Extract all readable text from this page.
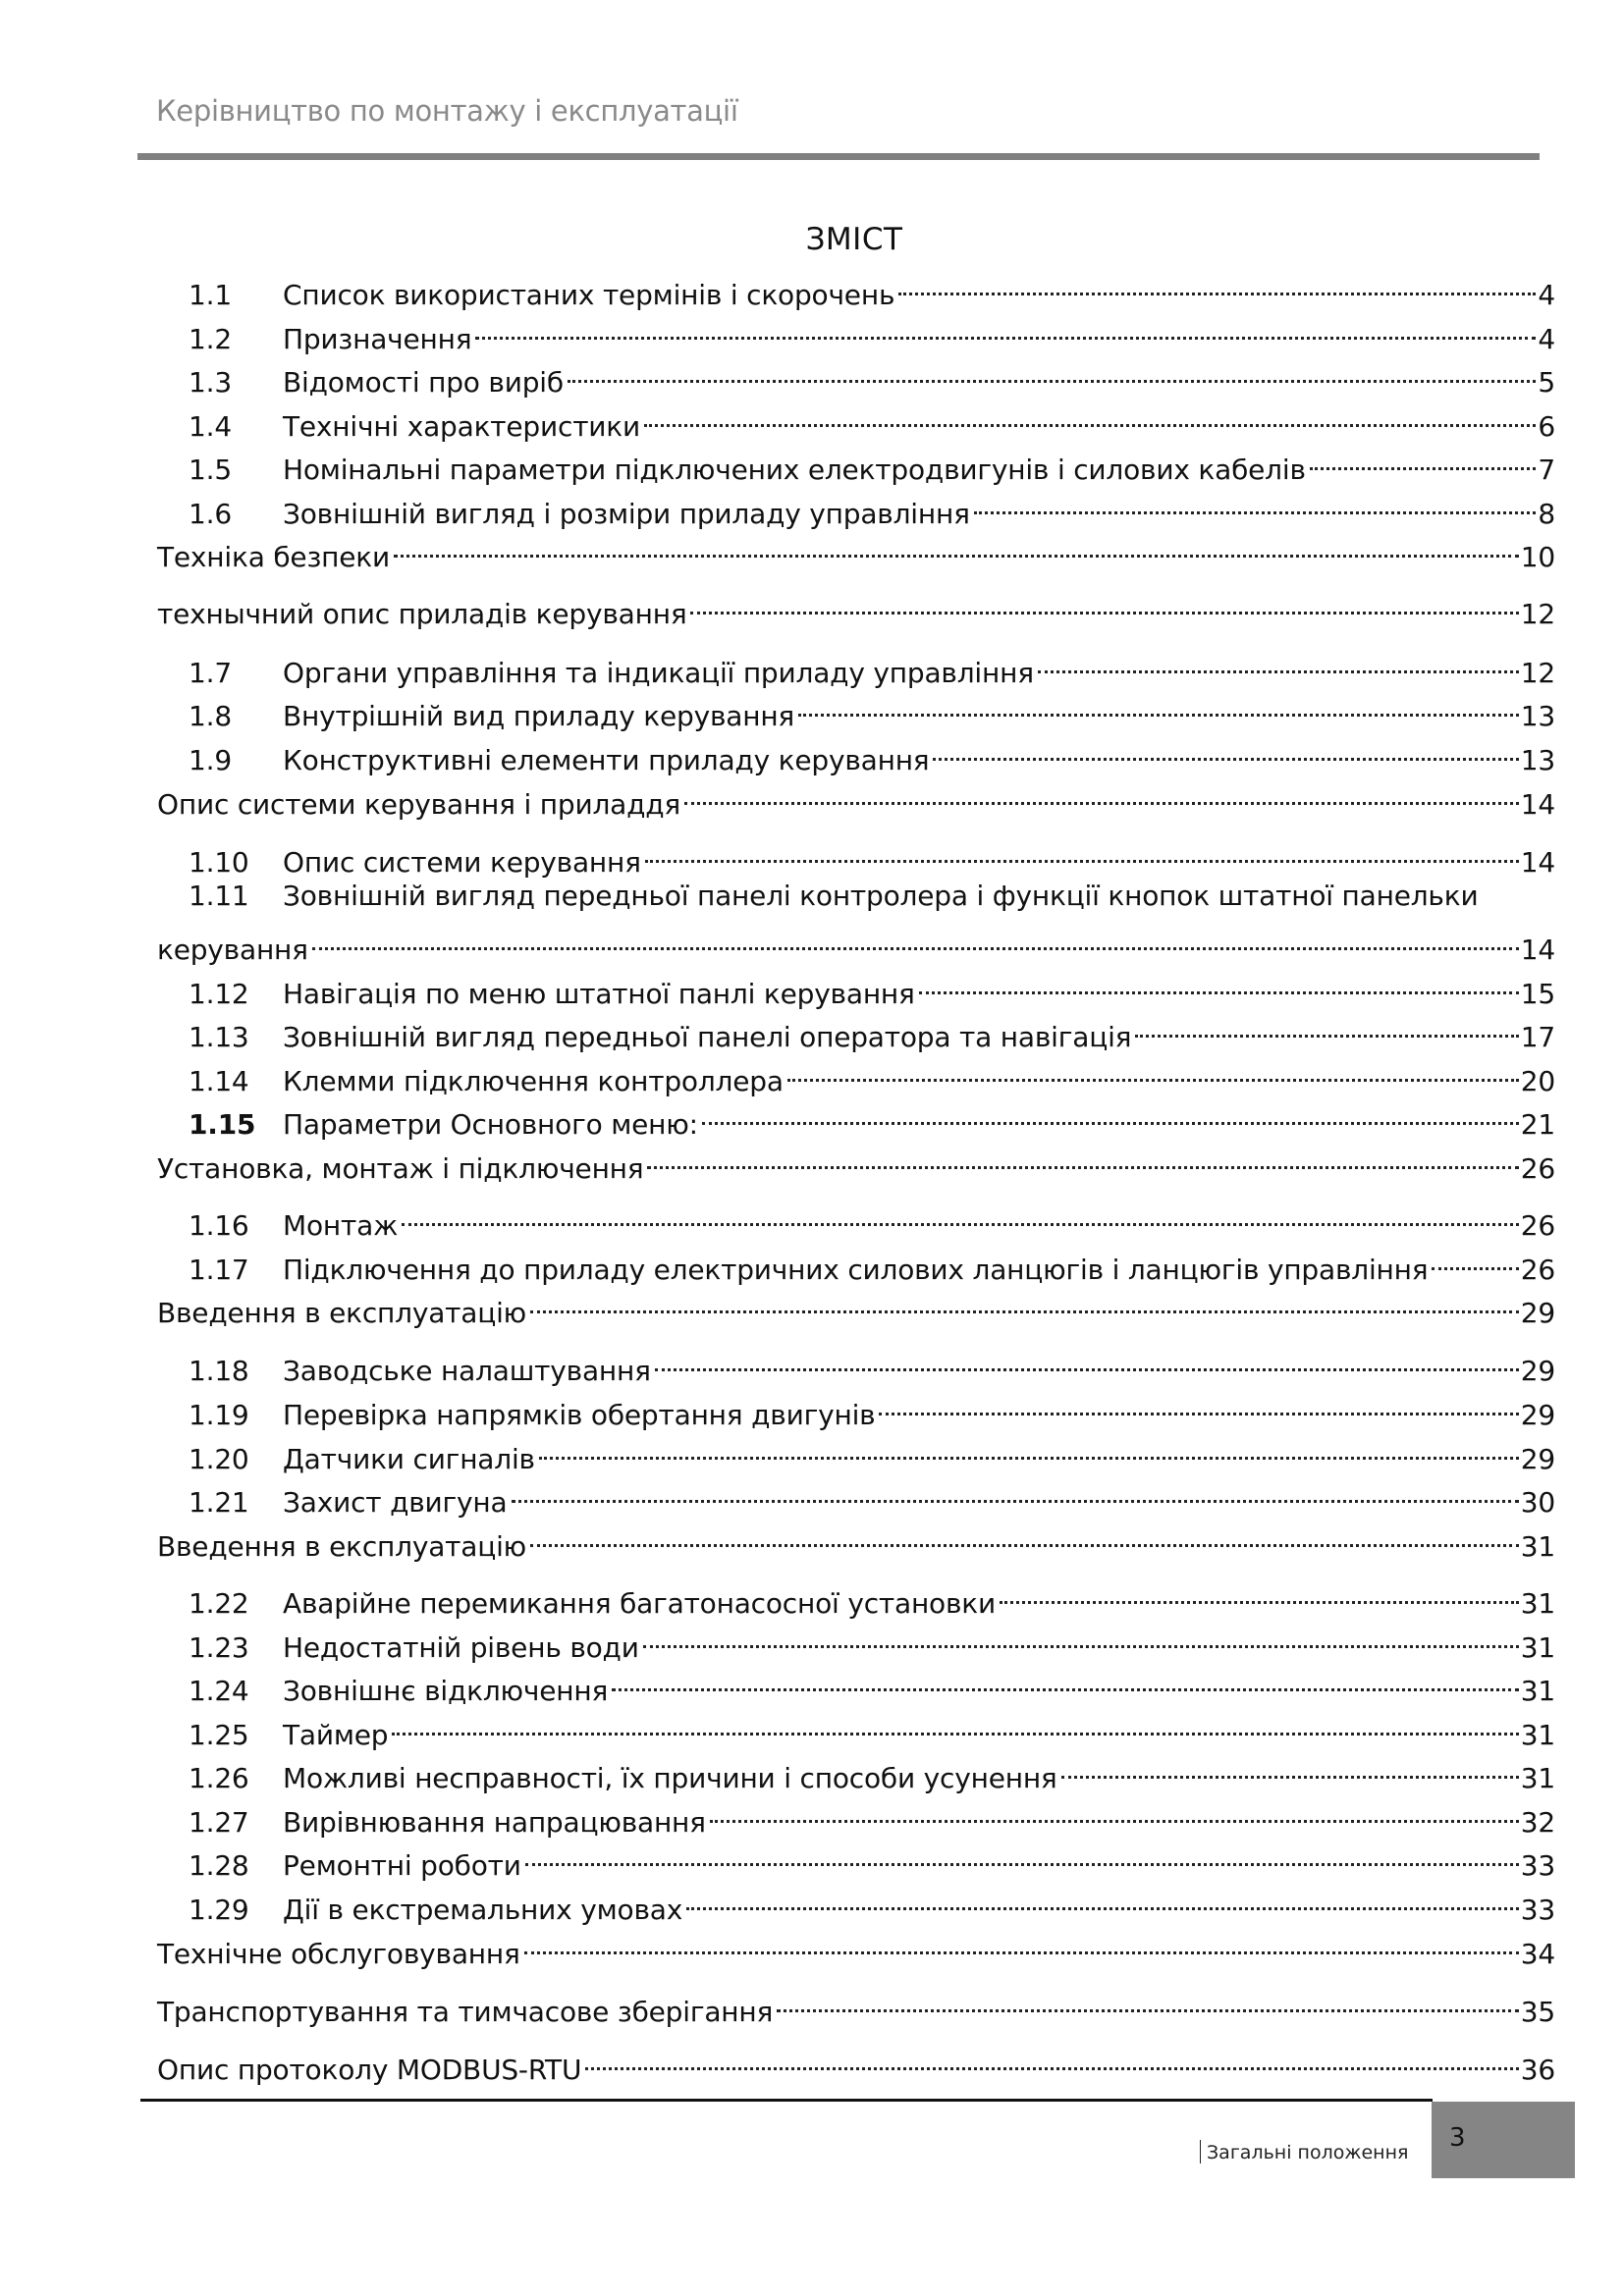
Керівництво по монтажу і експлуатації
ЗМІСТ
1.1	Список використаних термінів і скорочень	4
1.2	Призначення	4
1.3	Відомості про виріб	5
1.4	Технічні характеристики	6
1.5	Номінальні параметри підключених електродвигунів і силових кабелів	7
1.6	Зовнішній вигляд і розміри приладу управління	8
Техніка безпеки	10
технычний опис приладів керування	12
1.7	Органи управління та індикації приладу управління	12
1.8	Внутрішній вид приладу керування	13
1.9	Конструктивні елементи приладу керування	13
Опис системи керування і приладдя	14
1.10	Опис системи керування	14
1.11	Зовнішній вигляд передньої панелі контролера і функції кнопок штатної панельки
керування	14
1.12	Навігація по меню штатної панлі керування	15
1.13	Зовнішній вигляд передньої панелі оператора та навігація	17
1.14	Клемми підключення контроллера	20
1.15 Параметри Основного меню:	21
Установка, монтаж і підключення	26
1.16	Монтаж	26
1.17	Підключення до приладу електричних силових ланцюгів і ланцюгів управління	26
Введення в експлуатацію	29
1.18	Заводське налаштування	29
1.19	Перевірка напрямків обертання двигунів	29
1.20	Датчики сигналів	29
1.21	Захист двигуна	30
Введення в експлуатацію	31
1.22	Аварійне перемикання багатонасосної установки	31
1.23	Недостатній рівень води	31
1.24	Зовнішнє відключення	31
1.25	Таймер	31
1.26	Можливі несправності, їх причини і способи усунення	31
1.27	Вирівнювання напрацювання	32
1.28	Ремонтні роботи	33
1.29	Дії в екстремальних умовах	33
Технічне обслуговування	34
Транспортування та тимчасове зберігання	35
Опис протоколу MODBUS-RTU	36
Загальні положення 3
